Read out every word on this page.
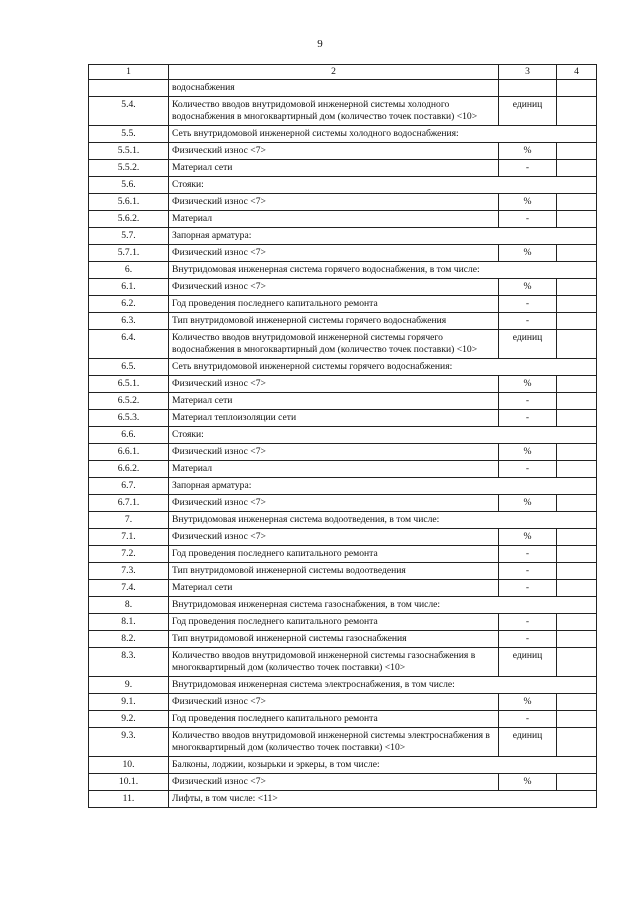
9
1	2	3	4
	водоснабжения		
5.4.	Количество вводов внутридомовой инженерной системы холодного водоснабжения в многоквартирный дом (количество точек поставки) <10>	единиц	
5.5.	Сеть внутридомовой инженерной системы холодного водоснабжения:		
5.5.1.	Физический износ <7>	%	
5.5.2.	Материал сети	-	
5.6.	Стояки:		
5.6.1.	Физический износ <7>	%	
5.6.2.	Материал	-	
5.7.	Запорная арматура:		
5.7.1.	Физический износ <7>	%	
6.	Внутридомовая инженерная система горячего водоснабжения, в том числе:		
6.1.	Физический износ <7>	%	
6.2.	Год проведения последнего капитального ремонта	-	
6.3.	Тип внутридомовой инженерной системы горячего водоснабжения	-	
6.4.	Количество вводов внутридомовой инженерной системы горячего водоснабжения в многоквартирный дом (количество точек поставки) <10>	единиц	
6.5.	Сеть внутридомовой инженерной системы горячего водоснабжения:		
6.5.1.	Физический износ <7>	%	
6.5.2.	Материал сети	-	
6.5.3.	Материал теплоизоляции сети	-	
6.6.	Стояки:		
6.6.1.	Физический износ <7>	%	
6.6.2.	Материал	-	
6.7.	Запорная арматура:		
6.7.1.	Физический износ <7>	%	
7.	Внутридомовая инженерная система водоотведения, в том числе:		
7.1.	Физический износ <7>	%	
7.2.	Год проведения последнего капитального ремонта	-	
7.3.	Тип внутридомовой инженерной системы водоотведения	-	
7.4.	Материал сети	-	
8.	Внутридомовая инженерная система газоснабжения, в том числе:		
8.1.	Год проведения последнего капитального ремонта	-	
8.2.	Тип внутридомовой инженерной системы газоснабжения	-	
8.3.	Количество вводов внутридомовой инженерной системы газоснабжения в многоквартирный дом (количество точек поставки) <10>	единиц	
9.	Внутридомовая инженерная система электроснабжения, в том числе:		
9.1.	Физический износ <7>	%	
9.2.	Год проведения последнего капитального ремонта	-	
9.3.	Количество вводов внутридомовой инженерной системы электроснабжения в многоквартирный дом (количество точек поставки) <10>	единиц	
10.	Балконы, лоджии, козырьки и эркеры, в том числе:		
10.1.	Физический износ <7>	%	
11.	Лифты, в том числе: <11>		
